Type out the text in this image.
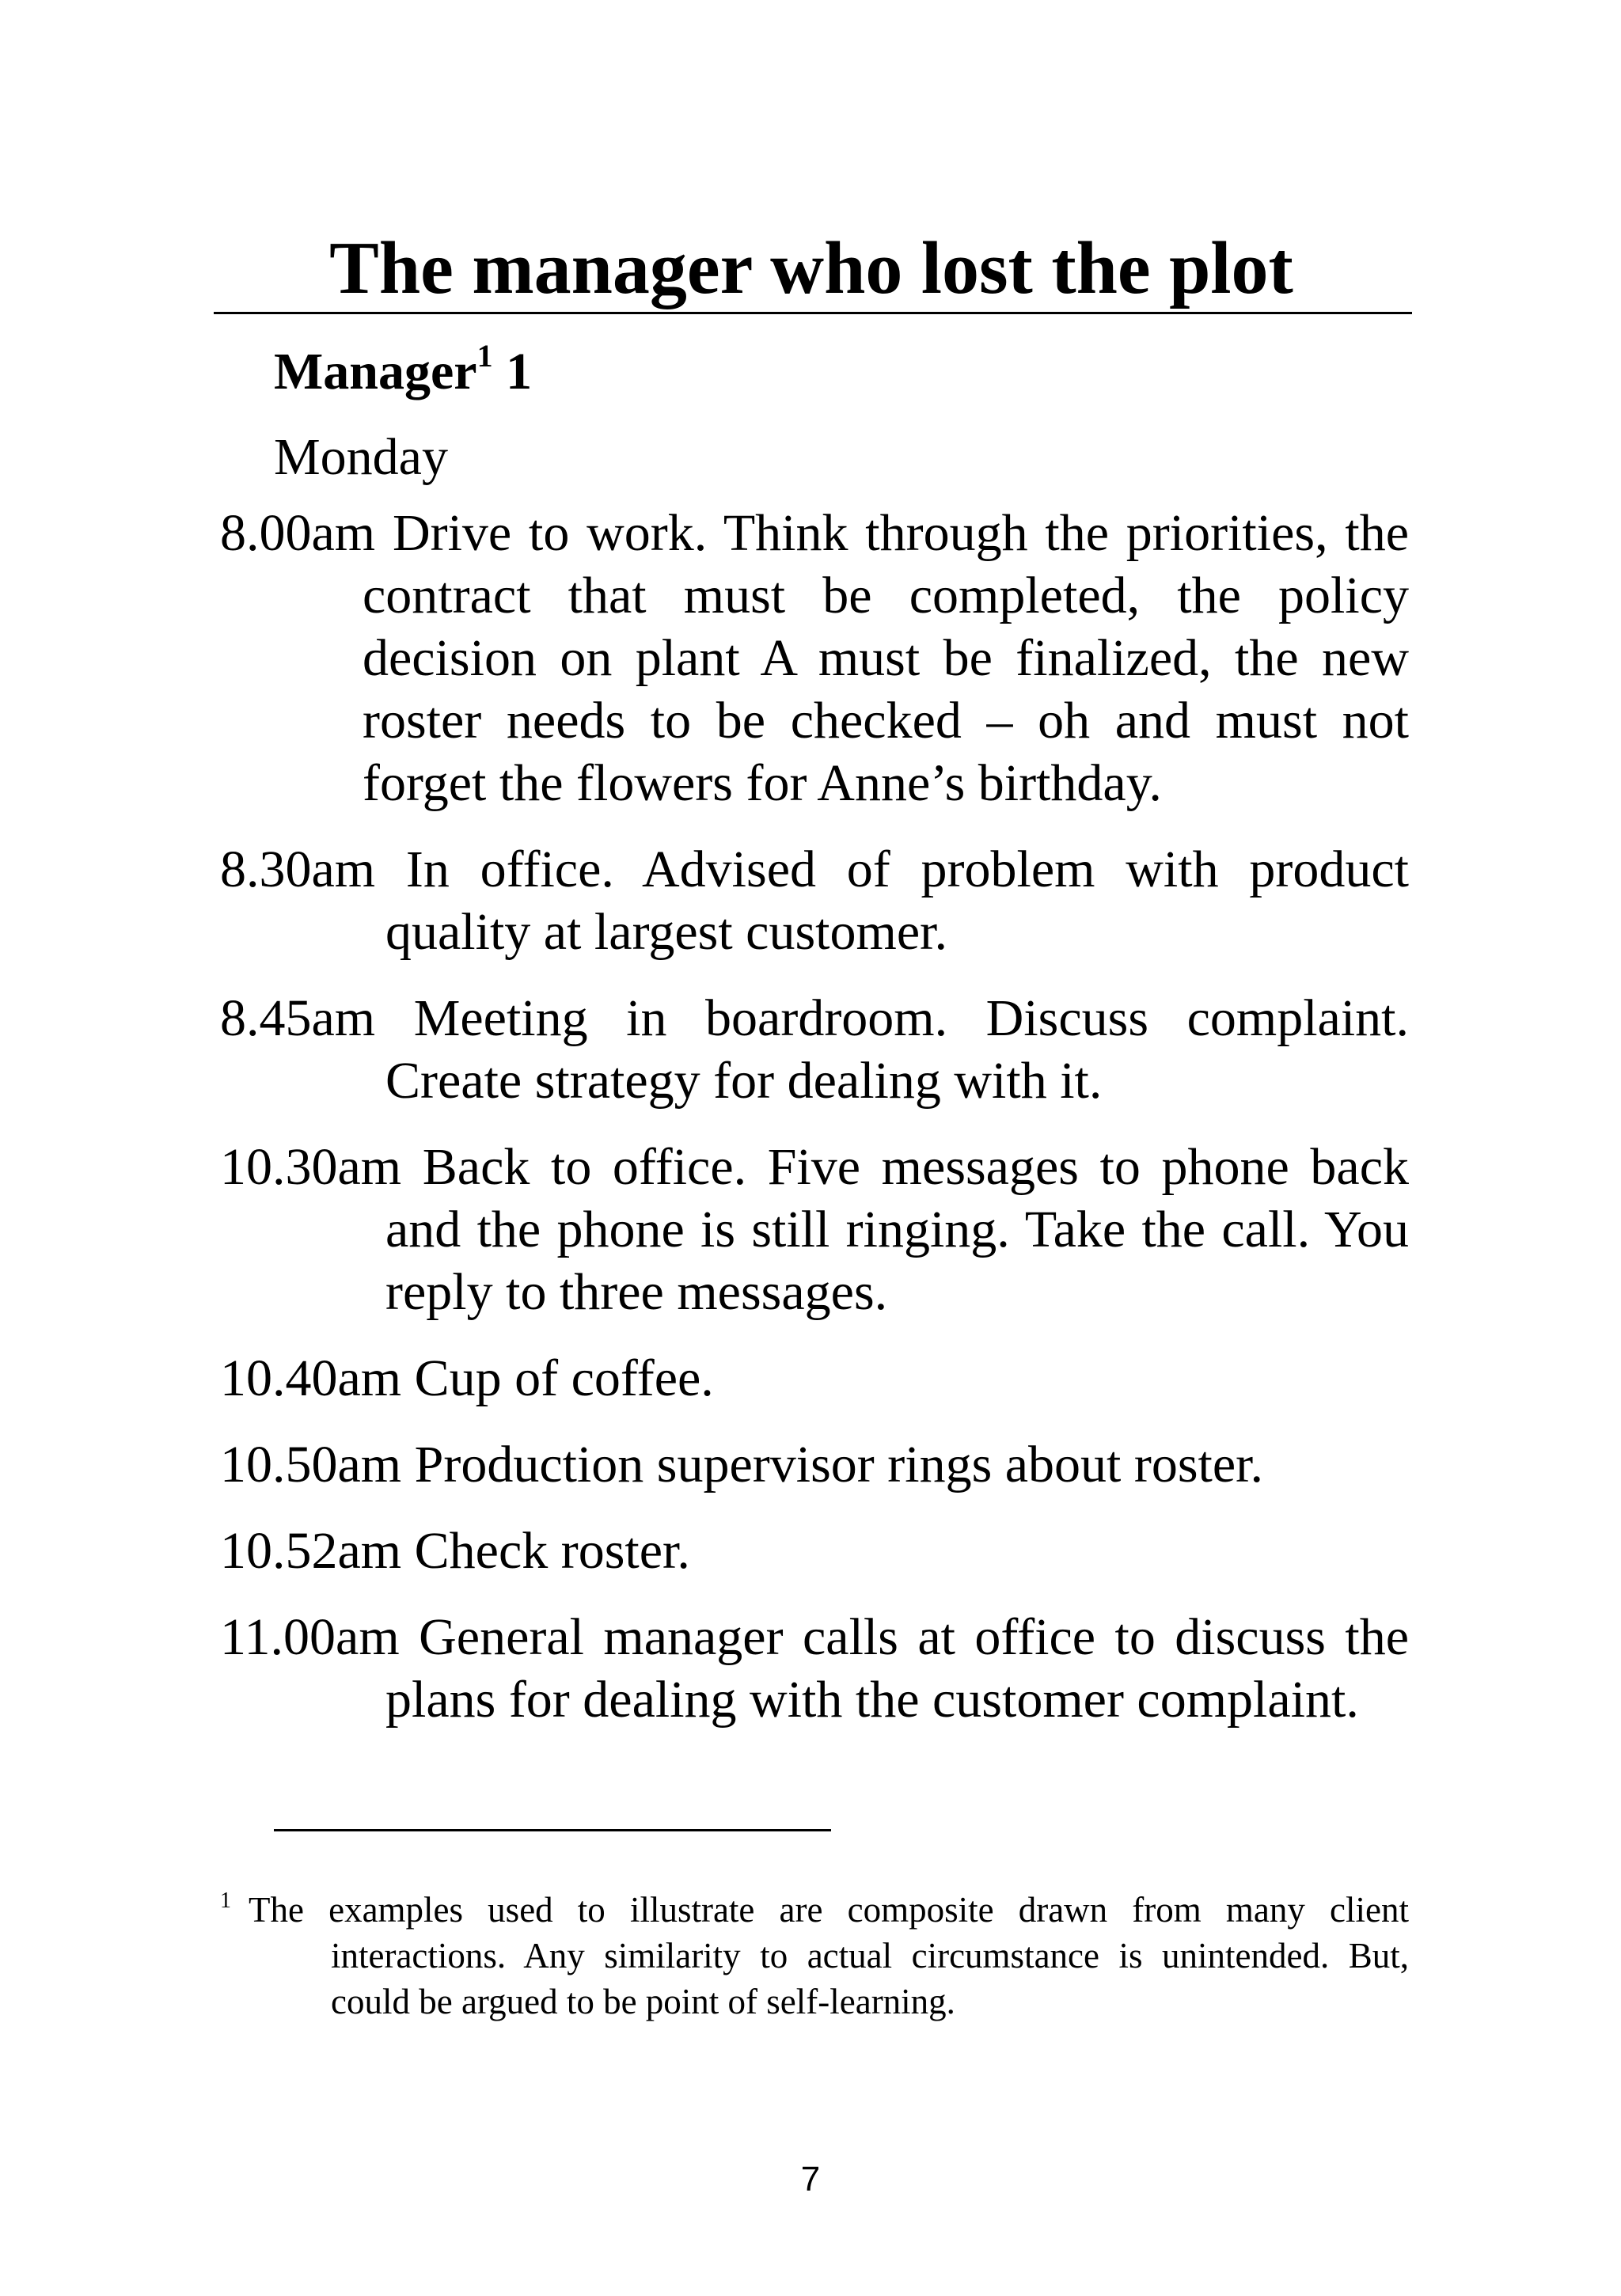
The manager who lost the plot
Manager$^1$ 1
Monday

8.00am Drive to work. Think through the priorities, the contract that must be completed, the policy decision on plant A must be finalized, the new roster needs to be checked – oh and must not forget the flowers for Anne’s birthday.

8.30am In office. Advised of problem with product quality at largest customer.

8.45am Meeting in boardroom. Discuss complaint. Create strategy for dealing with it.

10.30am Back to office. Five messages to phone back and the phone is still ringing. Take the call. You reply to three messages.

10.40am Cup of coffee.

10.50am Production supervisor rings about roster.

10.52am Check roster.

11.00am General manager calls at office to discuss the plans for dealing with the customer complaint.

$^1$ The examples used to illustrate are composite drawn from many client interactions. Any similarity to actual circumstance is unintended. But, could be argued to be point of self-learning.
7
